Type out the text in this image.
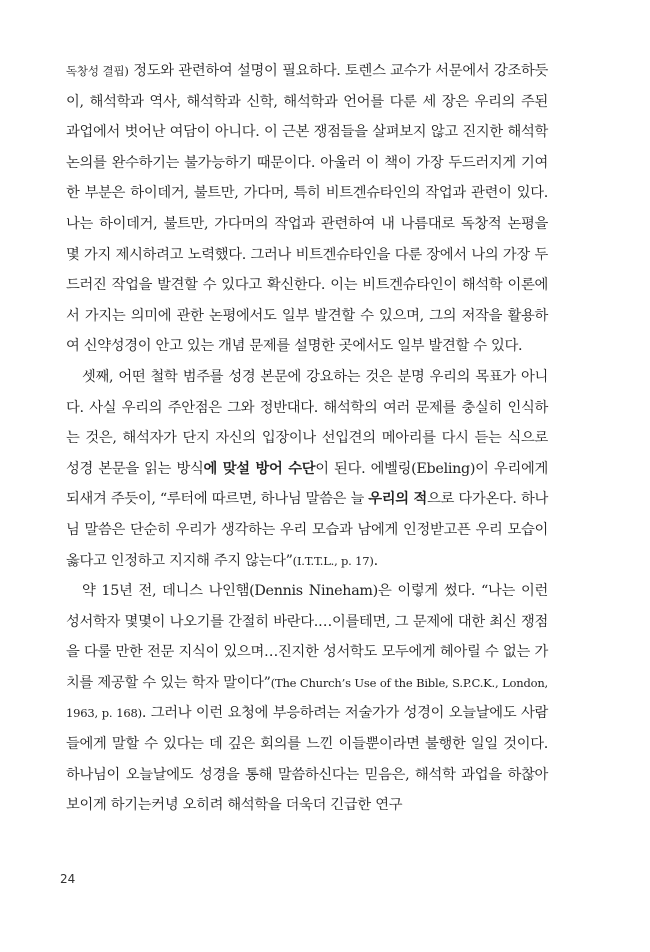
독창성 결핍) 정도와 관련하여 설명이 필요하다. 토렌스 교수가 서문에서 강조하듯이, 해석학과 역사, 해석학과 신학, 해석학과 언어를 다룬 세 장은 우리의 주된 과업에서 벗어난 여담이 아니다. 이 근본 쟁점들을 살펴보지 않고 진지한 해석학 논의를 완수하기는 불가능하기 때문이다. 아울러 이 책이 가장 두드러지게 기여한 부분은 하이데거, 불트만, 가다머, 특히 비트겐슈타인의 작업과 관련이 있다. 나는 하이데거, 불트만, 가다머의 작업과 관련하여 내 나름대로 독창적 논평을 몇 가지 제시하려고 노력했다. 그러나 비트겐슈타인을 다룬 장에서 나의 가장 두드러진 작업을 발견할 수 있다고 확신한다. 이는 비트겐슈타인이 해석학 이론에서 가지는 의미에 관한 논평에서도 일부 발견할 수 있으며, 그의 저작을 활용하여 신약성경이 안고 있는 개념 문제를 설명한 곳에서도 일부 발견할 수 있다.

셋째, 어떤 철학 범주를 성경 본문에 강요하는 것은 분명 우리의 목표가 아니다. 사실 우리의 주안점은 그와 정반대다. 해석학의 여러 문제를 충실히 인식하는 것은, 해석자가 단지 자신의 입장이나 선입견의 메아리를 다시 듣는 식으로 성경 본문을 읽는 방식에 맞설 방어 수단이 된다. 에벨링(Ebeling)이 우리에게 되새겨 주듯이, “루터에 따르면, 하나님 말씀은 늘 우리의 적으로 다가온다. 하나님 말씀은 단순히 우리가 생각하는 우리 모습과 남에게 인정받고픈 우리 모습이 옳다고 인정하고 지지해 주지 않는다”(I.T.T.L., p. 17).

약 15년 전, 데니스 나인햄(Dennis Nineham)은 이렇게 썼다. “나는 이런 성서학자 몇몇이 나오기를 간절히 바란다.…이를테면, 그 문제에 대한 최신 쟁점을 다룰 만한 전문 지식이 있으며…진지한 성서학도 모두에게 헤아릴 수 없는 가치를 제공할 수 있는 학자 말이다”(The Church’s Use of the Bible, S.P.C.K., London, 1963, p. 168). 그러나 이런 요청에 부응하려는 저술가가 성경이 오늘날에도 사람들에게 말할 수 있다는 데 깊은 회의를 느낀 이들뿐이라면 불행한 일일 것이다. 하나님이 오늘날에도 성경을 통해 말씀하신다는 믿음은, 해석학 과업을 하찮아 보이게 하기는커녕 오히려 해석학을 더욱더 긴급한 연구

24
